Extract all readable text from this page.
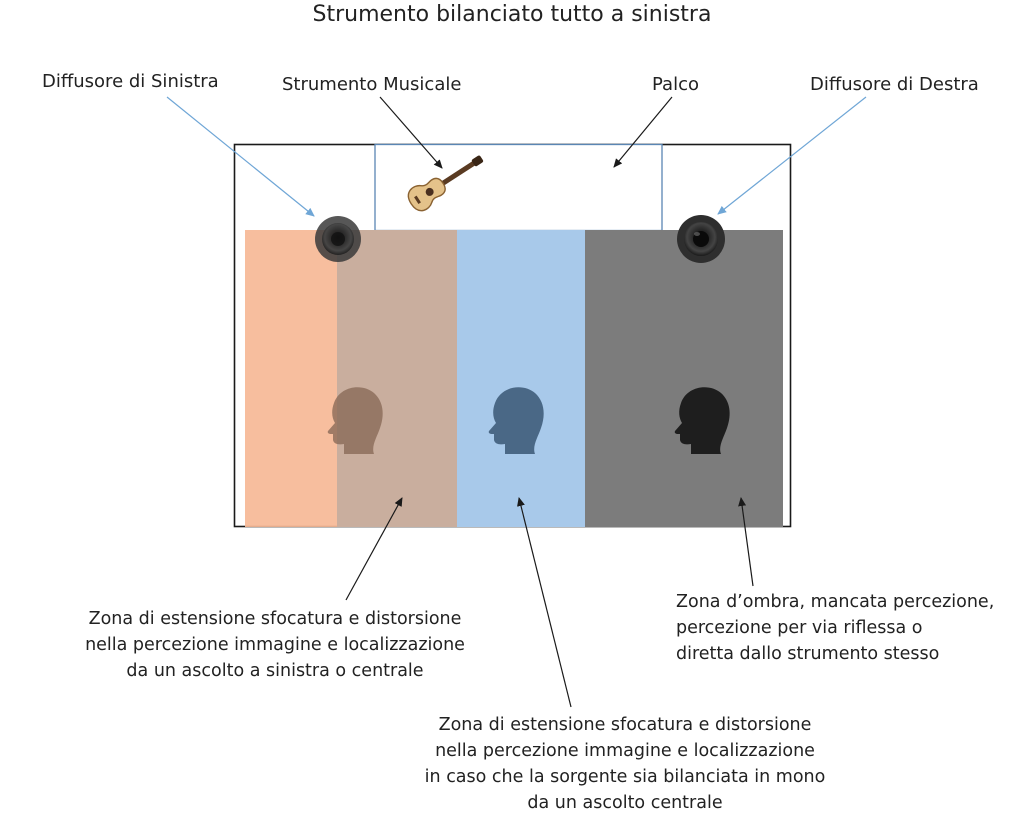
Strumento bilanciato tutto a sinistra
Diffusore di Sinistra	Strumento Musicale	Palco	Diffusore di Destra
Zona di estensione sfocatura e distorsione
nella percezione immagine e localizzazione
da un ascolto a sinistra o centrale
Zona d’ombra, mancata percezione,
percezione per via riflessa o
diretta dallo strumento stesso
Zona di estensione sfocatura e distorsione
nella percezione immagine e localizzazione
in caso che la sorgente sia bilanciata in mono
da un ascolto centrale
